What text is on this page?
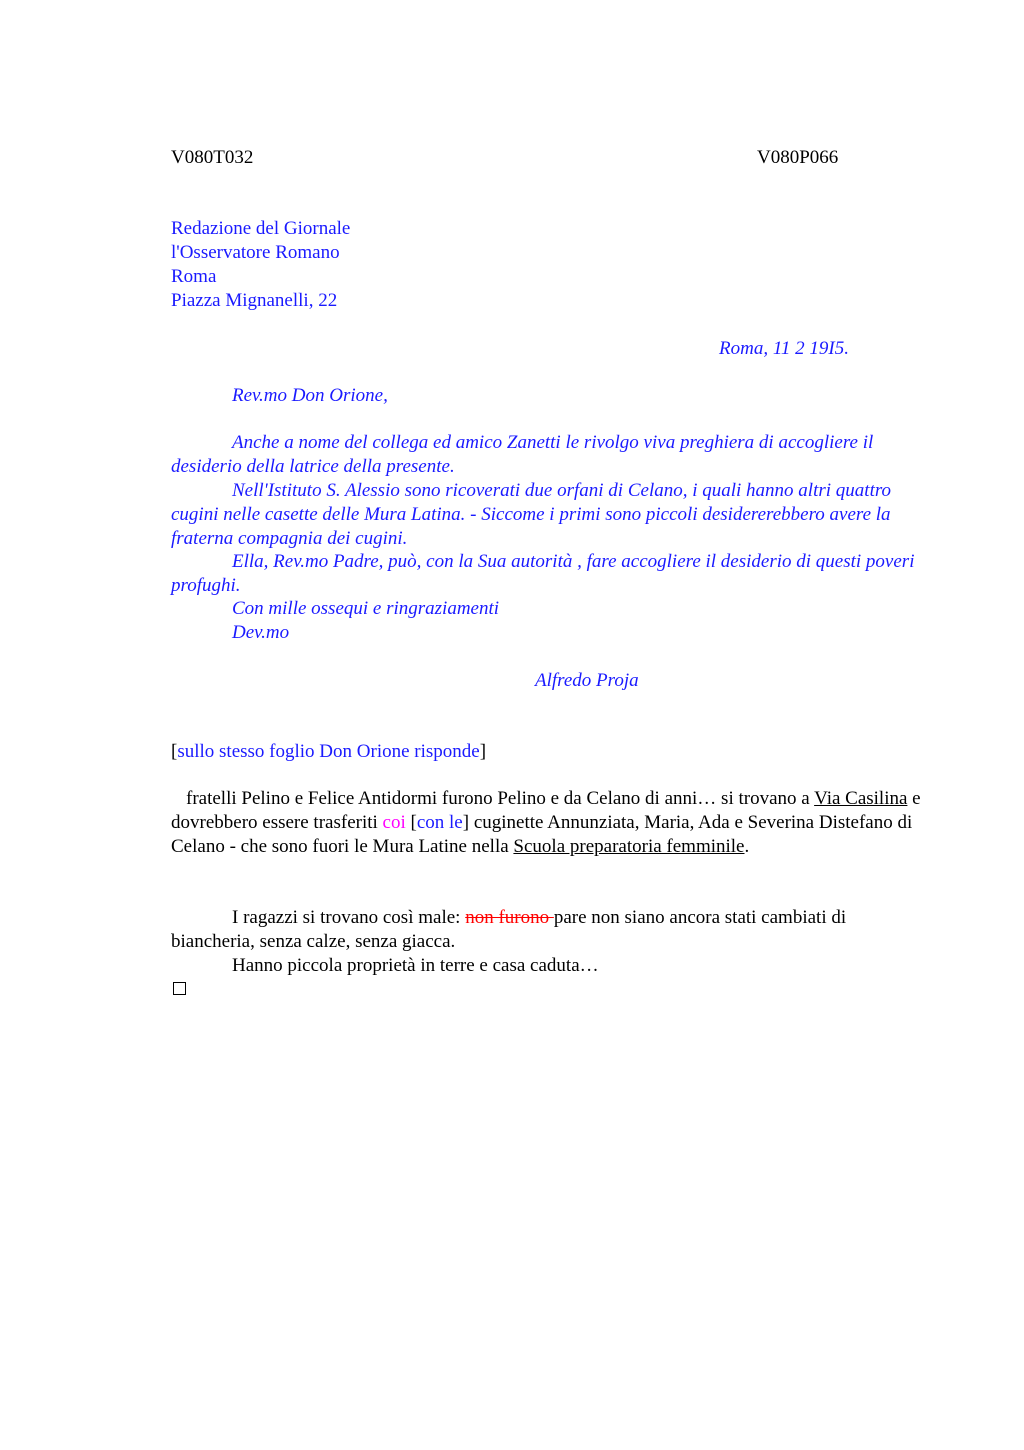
V080T032	V080P066
Redazione del Giornale
l'Osservatore Romano
Roma
Piazza Mignanelli, 22
Roma, 11 2 19I5.
Rev.mo Don Orione,
Anche a nome del collega ed amico Zanetti le rivolgo viva preghiera di accogliere il desiderio della latrice della presente.
Nell'Istituto S. Alessio sono ricoverati due orfani di Celano, i quali hanno altri quattro cugini nelle casette delle Mura Latina. - Siccome i primi sono piccoli desidererebbero avere la fraterna compagnia dei cugini.
Ella, Rev.mo Padre, può, con la Sua autorità , fare accogliere il desiderio di questi poveri profughi.
Con mille ossequi e ringraziamenti
Dev.mo
Alfredo Proja
[sullo stesso foglio Don Orione risponde]
fratelli Pelino e Felice Antidormi furono Pelino e da Celano di anni… si trovano a Via Casilina e dovrebbero essere trasferiti coi [con le] cuginette Annunziata, Maria, Ada e Severina Distefano di Celano - che sono fuori le Mura Latine nella Scuola preparatoria femminile.
I ragazzi si trovano così male: non furono pare non siano ancora stati cambiati di biancheria, senza calze, senza giacca.
Hanno piccola proprietà in terre e casa caduta…
